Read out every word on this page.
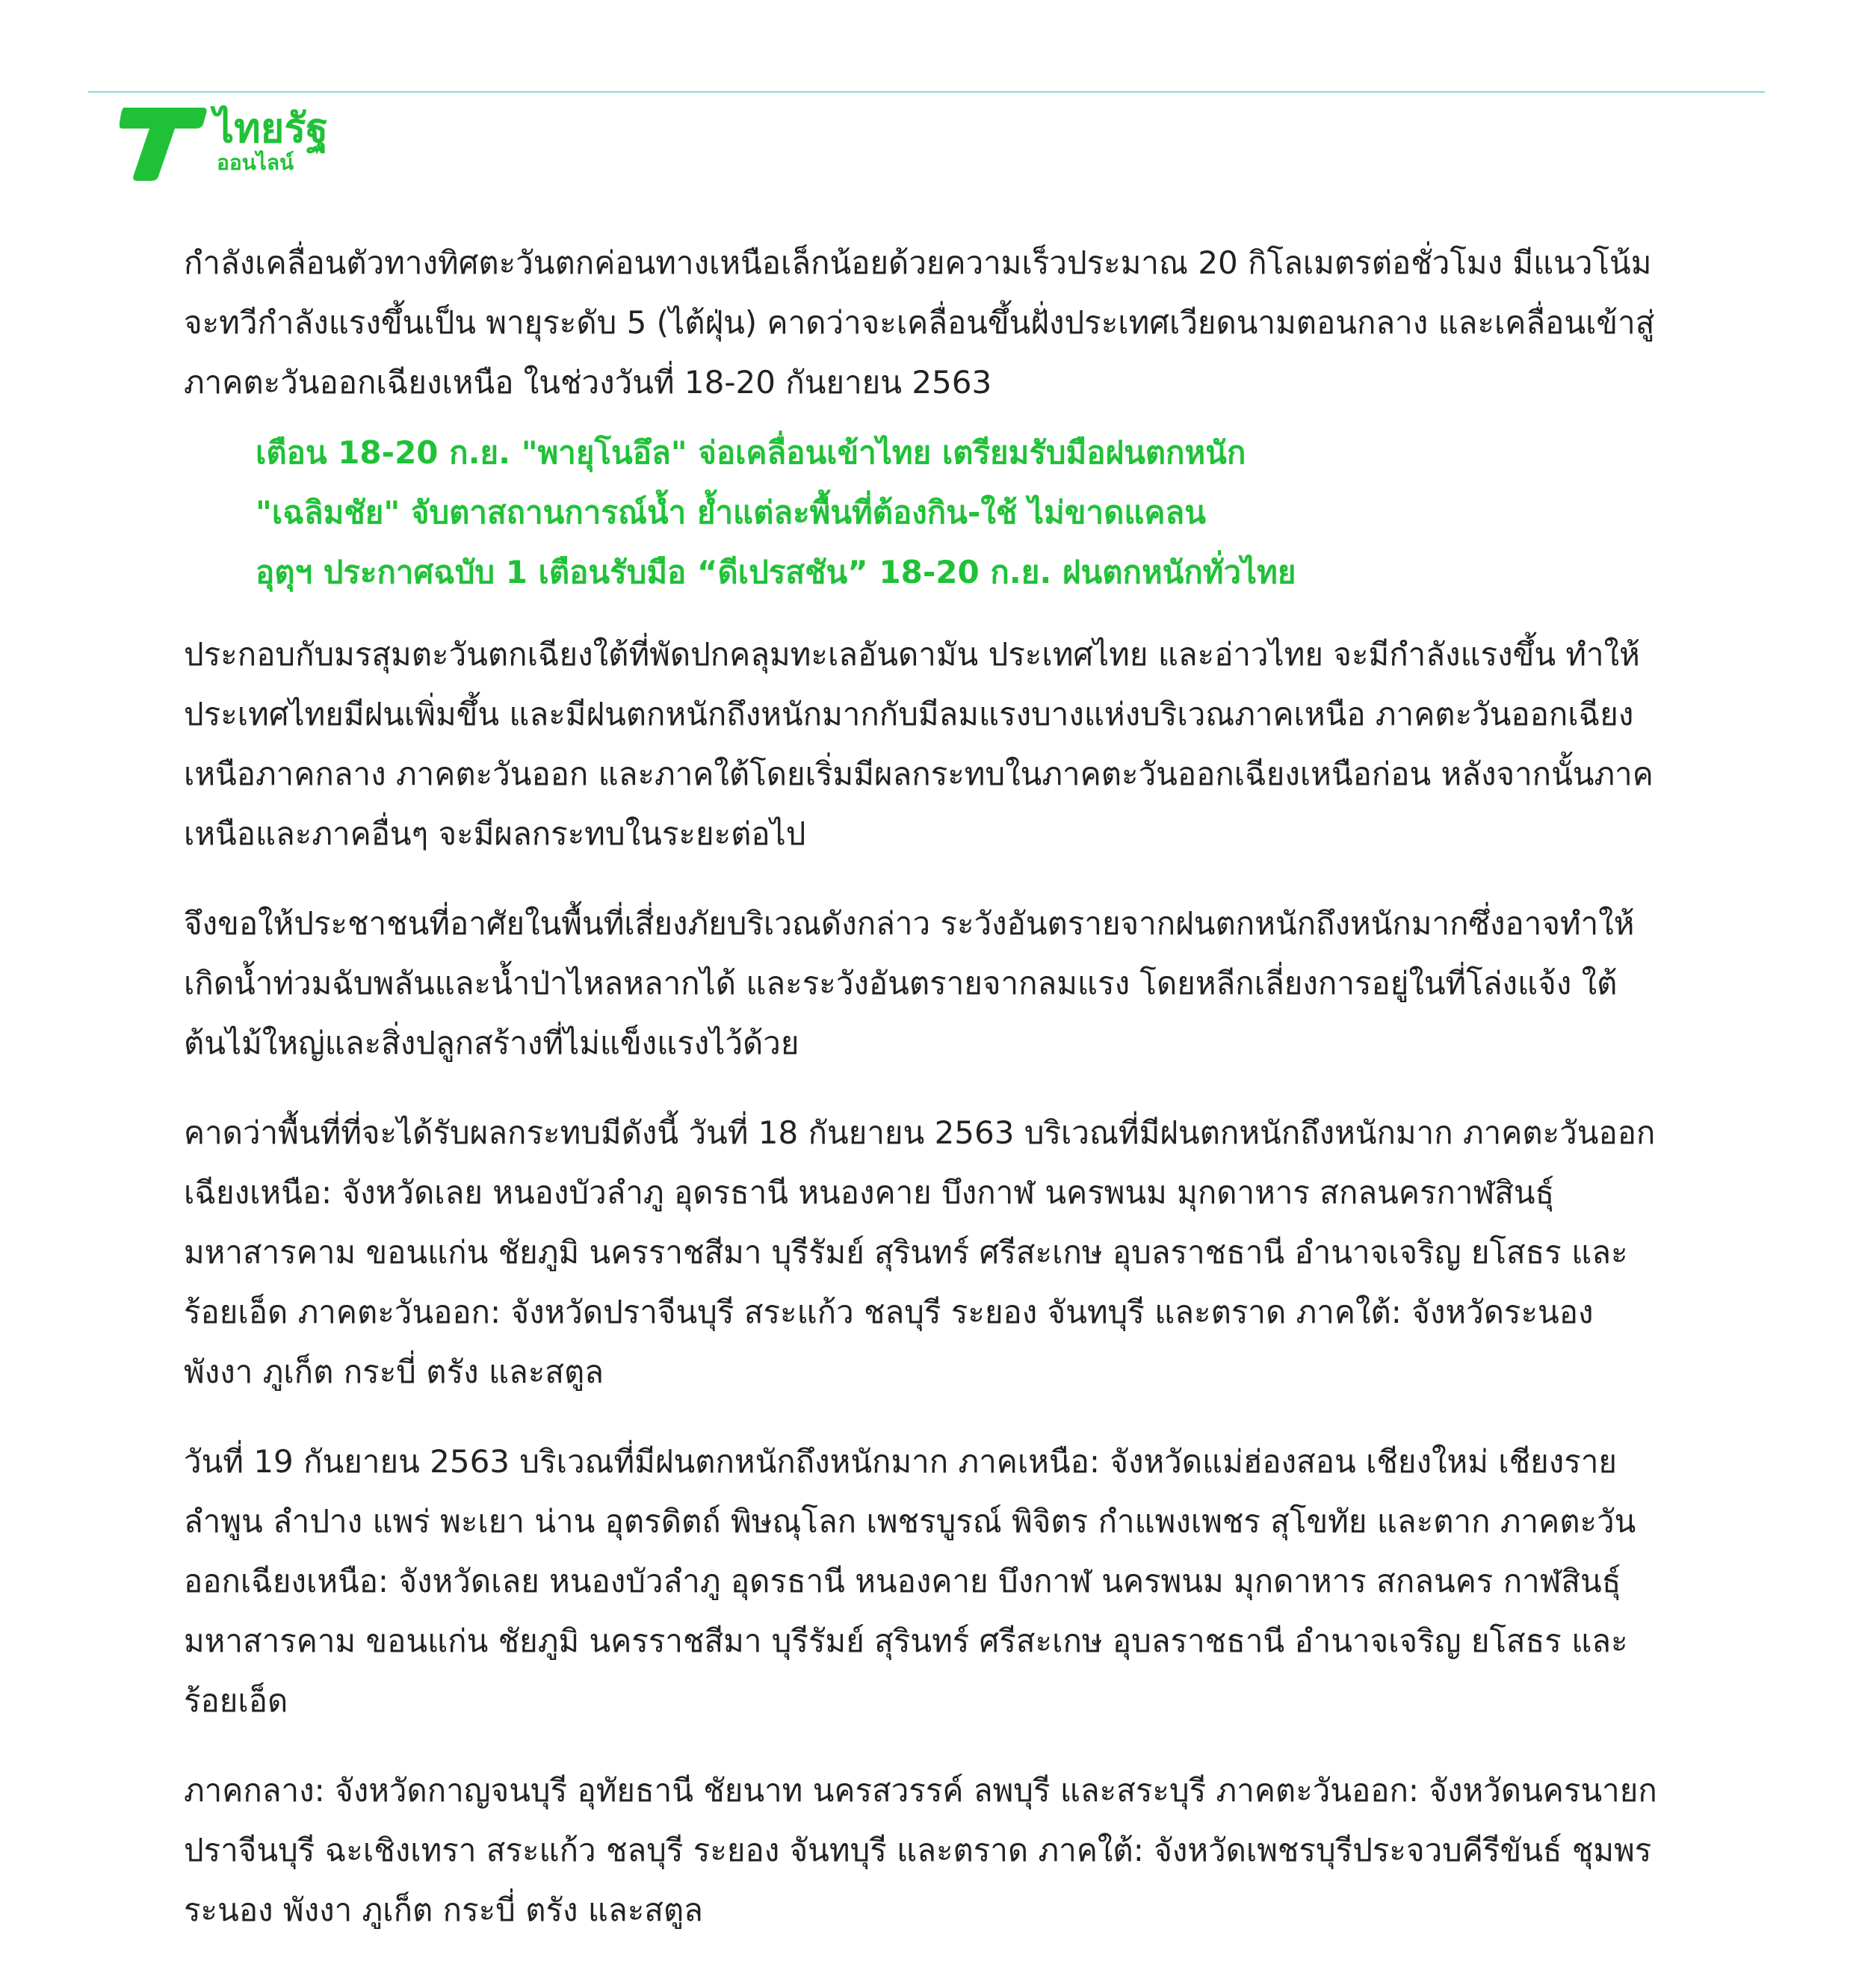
ไทยรัฐ
ออนไลน์

กำลังเคลื่อนตัวทางทิศตะวันตกค่อนทางเหนือเล็กน้อยด้วยความเร็วประมาณ 20 กิโลเมตรต่อชั่วโมง มีแนวโน้มจะทวีกำลังแรงขึ้นเป็น พายุระดับ 5 (ไต้ฝุ่น) คาดว่าจะเคลื่อนขึ้นฝั่งประเทศเวียดนามตอนกลาง และเคลื่อนเข้าสู่ภาคตะวันออกเฉียงเหนือ ในช่วงวันที่ 18-20 กันยายน 2563

เตือน 18-20 ก.ย. "พายุโนอึล" จ่อเคลื่อนเข้าไทย เตรียมรับมือฝนตกหนัก
"เฉลิมชัย" จับตาสถานการณ์น้ำ ย้ำแต่ละพื้นที่ต้องกิน-ใช้ ไม่ขาดแคลน
อุตุฯ ประกาศฉบับ 1 เตือนรับมือ “ดีเปรสชัน” 18-20 ก.ย. ฝนตกหนักทั่วไทย

ประกอบกับมรสุมตะวันตกเฉียงใต้ที่พัดปกคลุมทะเลอันดามัน ประเทศไทย และอ่าวไทย จะมีกำลังแรงขึ้น ทำให้ประเทศไทยมีฝนเพิ่มขึ้น และมีฝนตกหนักถึงหนักมากกับมีลมแรงบางแห่งบริเวณภาคเหนือ ภาคตะวันออกเฉียงเหนือภาคกลาง ภาคตะวันออก และภาคใต้โดยเริ่มมีผลกระทบในภาคตะวันออกเฉียงเหนือก่อน หลังจากนั้นภาคเหนือและภาคอื่นๆ จะมีผลกระทบในระยะต่อไป

จึงขอให้ประชาชนที่อาศัยในพื้นที่เสี่ยงภัยบริเวณดังกล่าว ระวังอันตรายจากฝนตกหนักถึงหนักมากซึ่งอาจทำให้เกิดน้ำท่วมฉับพลันและน้ำป่าไหลหลากได้ และระวังอันตรายจากลมแรง โดยหลีกเลี่ยงการอยู่ในที่โล่งแจ้ง ใต้ต้นไม้ใหญ่และสิ่งปลูกสร้างที่ไม่แข็งแรงไว้ด้วย

คาดว่าพื้นที่ที่จะได้รับผลกระทบมีดังนี้ วันที่ 18 กันยายน 2563 บริเวณที่มีฝนตกหนักถึงหนักมาก ภาคตะวันออกเฉียงเหนือ: จังหวัดเลย หนองบัวลำภู อุดรธานี หนองคาย บึงกาฬ นครพนม มุกดาหาร สกลนครกาฬสินธุ์ มหาสารคาม ขอนแก่น ชัยภูมิ นครราชสีมา บุรีรัมย์ สุรินทร์ ศรีสะเกษ อุบลราชธานี อำนาจเจริญ ยโสธร และร้อยเอ็ด ภาคตะวันออก: จังหวัดปราจีนบุรี สระแก้ว ชลบุรี ระยอง จันทบุรี และตราด ภาคใต้: จังหวัดระนอง พังงา ภูเก็ต กระบี่ ตรัง และสตูล

วันที่ 19 กันยายน 2563 บริเวณที่มีฝนตกหนักถึงหนักมาก ภาคเหนือ: จังหวัดแม่ฮ่องสอน เชียงใหม่ เชียงราย ลำพูน ลำปาง แพร่ พะเยา น่าน อุตรดิตถ์ พิษณุโลก เพชรบูรณ์ พิจิตร กำแพงเพชร สุโขทัย และตาก ภาคตะวันออกเฉียงเหนือ: จังหวัดเลย หนองบัวลำภู อุดรธานี หนองคาย บึงกาฬ นครพนม มุกดาหาร สกลนคร กาฬสินธุ์ มหาสารคาม ขอนแก่น ชัยภูมิ นครราชสีมา บุรีรัมย์ สุรินทร์ ศรีสะเกษ อุบลราชธานี อำนาจเจริญ ยโสธร และร้อยเอ็ด

ภาคกลาง: จังหวัดกาญจนบุรี อุทัยธานี ชัยนาท นครสวรรค์ ลพบุรี และสระบุรี ภาคตะวันออก: จังหวัดนครนายก ปราจีนบุรี ฉะเชิงเทรา สระแก้ว ชลบุรี ระยอง จันทบุรี และตราด ภาคใต้: จังหวัดเพชรบุรีประจวบคีรีขันธ์ ชุมพร ระนอง พังงา ภูเก็ต กระบี่ ตรัง และสตูล
